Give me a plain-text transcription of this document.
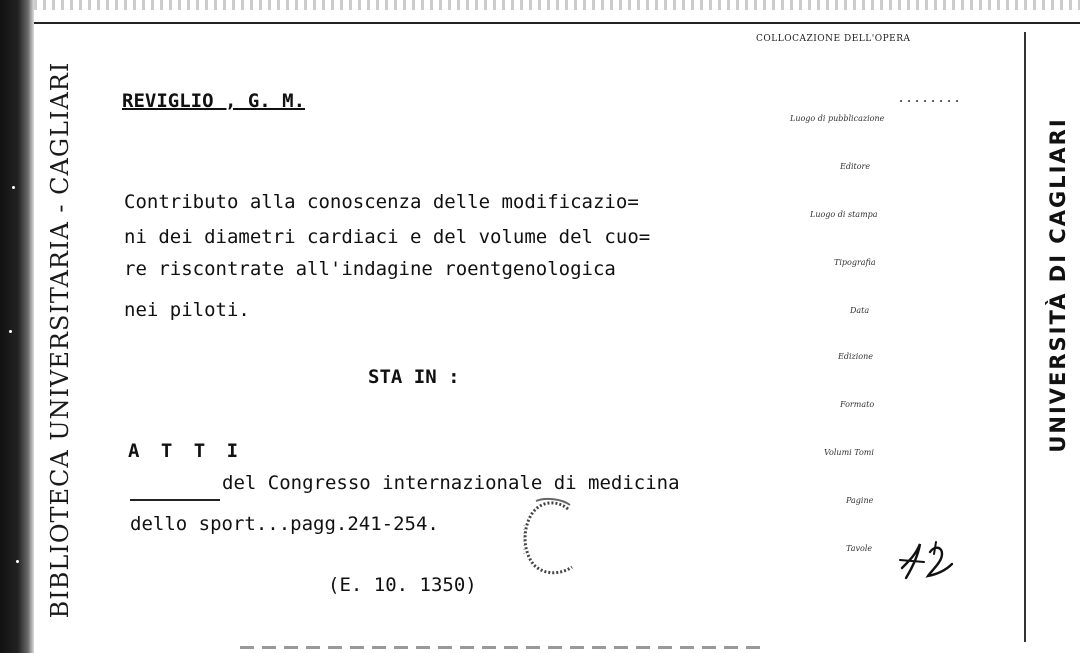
BIBLIOTECA UNIVERSITARIA - CAGLIARI	UNIVERSITÀ DI CAGLIARI
COLLOCAZIONE DELL'OPERA
REVIGLIO , G. M.
Contributo alla conoscenza delle modificazio=
ni dei diametri cardiaci e del volume del cuo=
re riscontrate all'indagine roentgenologica
nei piloti.
STA IN :
A T T I
del Congresso internazionale di medicina
dello sport...pagg.241-254.
(E. 10. 1350)
Luogo di pubblicazione
Editore
Luogo di stampa
Tipografia
Data
Edizione
Formato
Volumi Tomi
Pagine
Tavole
